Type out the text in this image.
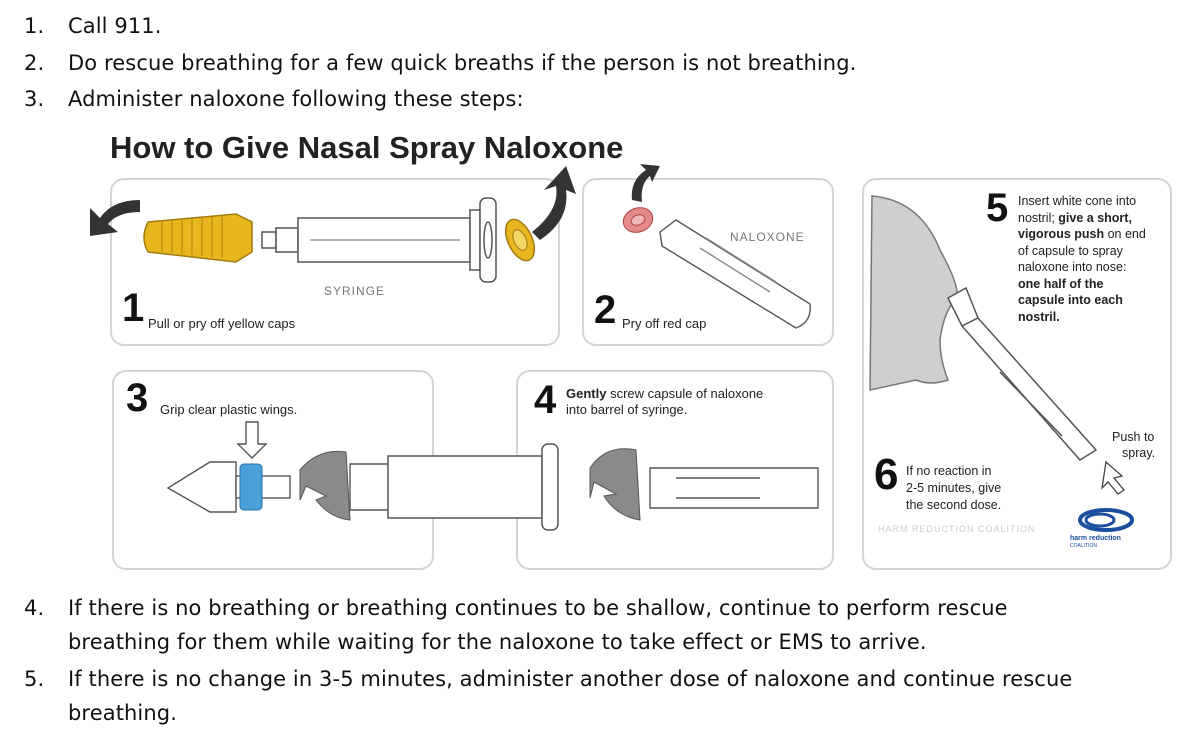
1. Call 911.
2. Do rescue breathing for a few quick breaths if the person is not breathing.
3. Administer naloxone following these steps:
How to Give Nasal Spray Naloxone
1 Pull or pry off yellow caps
SYRINGE	2 Pry off red cap
NALOXONE
3 Grip clear plastic wings.	4 Gently screw capsule of naloxone
into barrel of syringe.
5 Insert white cone into
nostril; give a short,
vigorous push on end
of capsule to spray
naloxone into nose:
one half of the
capsule into each
nostril.
6 If no reaction in
2-5 minutes, give
the second dose.
Push to
spray.
HARM REDUCTION COALITION
harm reduction
COALITION
4. If there is no breathing or breathing continues to be shallow, continue to perform rescue
breathing for them while waiting for the naloxone to take effect or EMS to arrive.
5. If there is no change in 3-5 minutes, administer another dose of naloxone and continue rescue
breathing.
